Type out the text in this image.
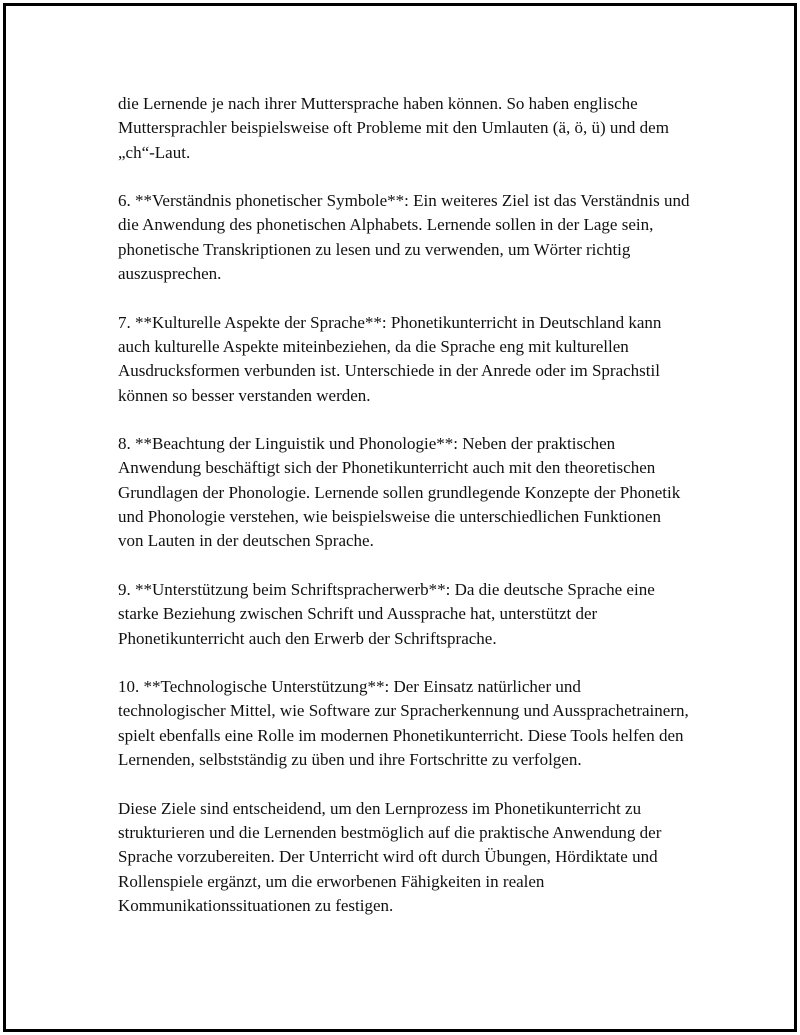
die Lernende je nach ihrer Muttersprache haben können. So haben englische Muttersprachler beispielsweise oft Probleme mit den Umlauten (ä, ö, ü) und dem „ch“-Laut.

6. **Verständnis phonetischer Symbole**: Ein weiteres Ziel ist das Verständnis und die Anwendung des phonetischen Alphabets. Lernende sollen in der Lage sein, phonetische Transkriptionen zu lesen und zu verwenden, um Wörter richtig auszusprechen.

7. **Kulturelle Aspekte der Sprache**: Phonetikunterricht in Deutschland kann auch kulturelle Aspekte miteinbeziehen, da die Sprache eng mit kulturellen Ausdrucksformen verbunden ist. Unterschiede in der Anrede oder im Sprachstil können so besser verstanden werden.

8. **Beachtung der Linguistik und Phonologie**: Neben der praktischen Anwendung beschäftigt sich der Phonetikunterricht auch mit den theoretischen Grundlagen der Phonologie. Lernende sollen grundlegende Konzepte der Phonetik und Phonologie verstehen, wie beispielsweise die unterschiedlichen Funktionen von Lauten in der deutschen Sprache.

9. **Unterstützung beim Schriftspracherwerb**: Da die deutsche Sprache eine starke Beziehung zwischen Schrift und Aussprache hat, unterstützt der Phonetikunterricht auch den Erwerb der Schriftsprache.

10. **Technologische Unterstützung**: Der Einsatz natürlicher und technologischer Mittel, wie Software zur Spracherkennung und Aussprachetrainern, spielt ebenfalls eine Rolle im modernen Phonetikunterricht. Diese Tools helfen den Lernenden, selbstständig zu üben und ihre Fortschritte zu verfolgen.

Diese Ziele sind entscheidend, um den Lernprozess im Phonetikunterricht zu strukturieren und die Lernenden bestmöglich auf die praktische Anwendung der Sprache vorzubereiten. Der Unterricht wird oft durch Übungen, Hördiktate und Rollenspiele ergänzt, um die erworbenen Fähigkeiten in realen Kommunikationssituationen zu festigen.
